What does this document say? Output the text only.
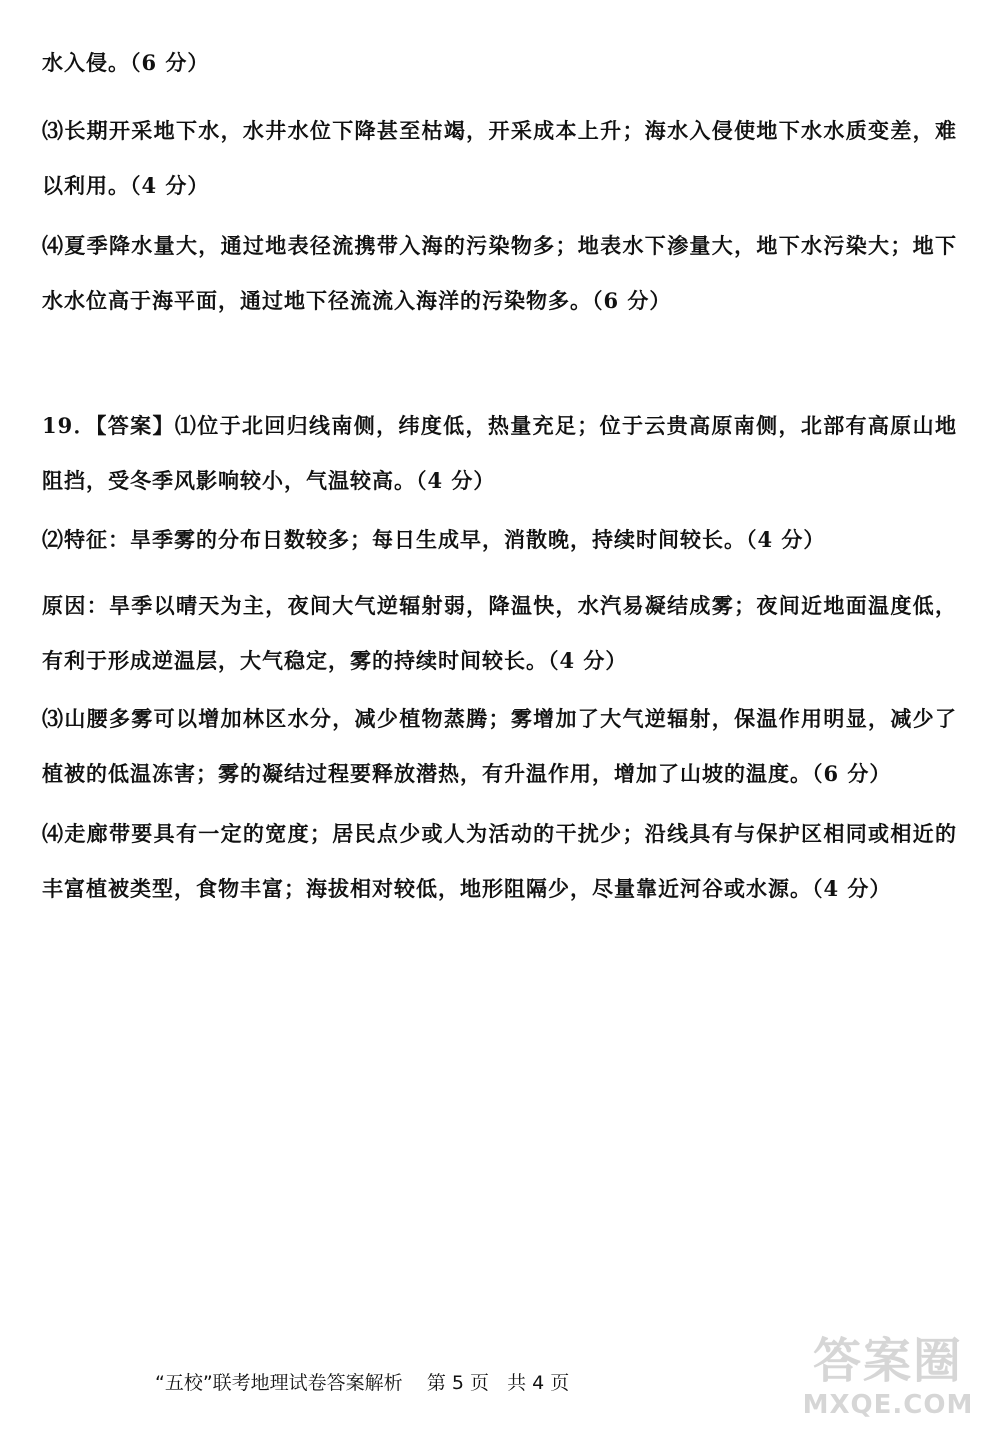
水入侵。（6 分）
⑶长期开采地下水，水井水位下降甚至枯竭，开采成本上升；海水入侵使地下水水质变差，难以利用。（4 分）
⑷夏季降水量大，通过地表径流携带入海的污染物多；地表水下渗量大，地下水污染大；地下水水位高于海平面，通过地下径流流入海洋的污染物多。（6 分）
19．【答案】⑴位于北回归线南侧，纬度低，热量充足；位于云贵高原南侧，北部有高原山地阻挡，受冬季风影响较小，气温较高。（4 分）
⑵特征：旱季雾的分布日数较多；每日生成早，消散晚，持续时间较长。（4 分）
原因：旱季以晴天为主，夜间大气逆辐射弱，降温快，水汽易凝结成雾；夜间近地面温度低，有利于形成逆温层，大气稳定，雾的持续时间较长。（4 分）
⑶山腰多雾可以增加林区水分，减少植物蒸腾；雾增加了大气逆辐射，保温作用明显，减少了植被的低温冻害；雾的凝结过程要释放潜热，有升温作用，增加了山坡的温度。（6 分）
⑷走廊带要具有一定的宽度；居民点少或人为活动的干扰少；沿线具有与保护区相同或相近的丰富植被类型，食物丰富；海拔相对较低，地形阻隔少，尽量靠近河谷或水源。（4 分）
“五校”联考地理试卷答案解析    第 5 页   共 4 页	答案圈
MXQE.COM
